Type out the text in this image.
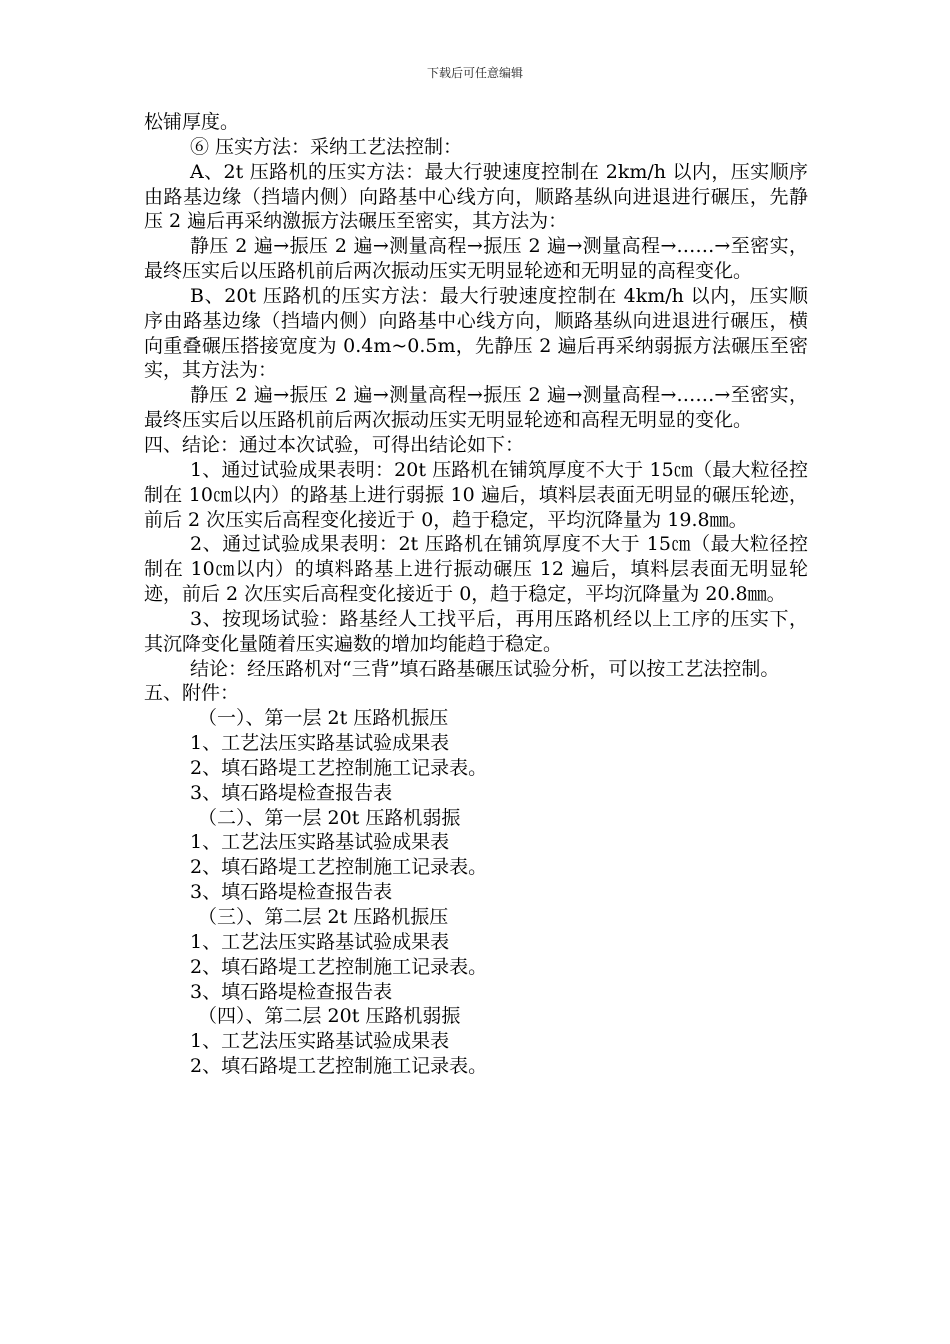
下载后可任意编辑

松铺厚度。

⑥ 压实方法：采纳工艺法控制：

A、2t 压路机的压实方法：最大行驶速度控制在 2km/h 以内，压实顺序由路基边缘（挡墙内侧）向路基中心线方向，顺路基纵向进退进行碾压，先静压 2 遍后再采纳激振方法碾压至密实，其方法为：

静压 2 遍→振压 2 遍→测量高程→振压 2 遍→测量高程→……→至密实，最终压实后以压路机前后两次振动压实无明显轮迹和无明显的高程变化。

B、20t 压路机的压实方法：最大行驶速度控制在 4km/h 以内，压实顺序由路基边缘（挡墙内侧）向路基中心线方向，顺路基纵向进退进行碾压，横向重叠碾压搭接宽度为 0.4m~0.5m，先静压 2 遍后再采纳弱振方法碾压至密实，其方法为：

静压 2 遍→振压 2 遍→测量高程→振压 2 遍→测量高程→……→至密实，最终压实后以压路机前后两次振动压实无明显轮迹和高程无明显的变化。

四、结论：通过本次试验，可得出结论如下：

1、通过试验成果表明：20t 压路机在铺筑厚度不大于 15㎝（最大粒径控制在 10㎝以内）的路基上进行弱振 10 遍后，填料层表面无明显的碾压轮迹，前后 2 次压实后高程变化接近于 0，趋于稳定，平均沉降量为 19.8㎜。

2、通过试验成果表明：2t 压路机在铺筑厚度不大于 15㎝（最大粒径控制在 10㎝以内）的填料路基上进行振动碾压 12 遍后，填料层表面无明显轮迹，前后 2 次压实后高程变化接近于 0，趋于稳定，平均沉降量为 20.8㎜。

3、按现场试验：路基经人工找平后，再用压路机经以上工序的压实下，其沉降变化量随着压实遍数的增加均能趋于稳定。

结论：经压路机对“三背”填石路基碾压试验分析，可以按工艺法控制。

五、附件：

（一）、第一层 2t 压路机振压

1、工艺法压实路基试验成果表

2、填石路堤工艺控制施工记录表。

3、填石路堤检查报告表

（二）、第一层 20t 压路机弱振

1、工艺法压实路基试验成果表

2、填石路堤工艺控制施工记录表。

3、填石路堤检查报告表

（三）、第二层 2t 压路机振压

1、工艺法压实路基试验成果表

2、填石路堤工艺控制施工记录表。

3、填石路堤检查报告表

（四）、第二层 20t 压路机弱振

1、工艺法压实路基试验成果表

2、填石路堤工艺控制施工记录表。
